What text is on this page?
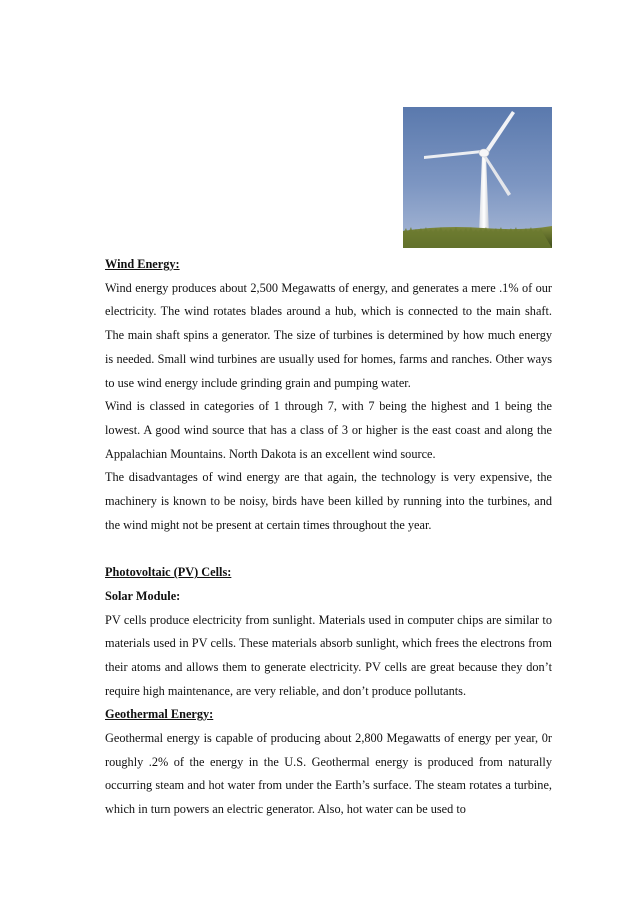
Wind Energy:

Wind energy produces about 2,500 Megawatts of energy, and generates a mere .1% of our electricity. The wind rotates blades around a hub, which is connected to the main shaft. The main shaft spins a generator. The size of turbines is determined by how much energy is needed. Small wind turbines are usually used for homes, farms and ranches. Other ways to use wind energy include grinding grain and pumping water.

Wind is classed in categories of 1 through 7, with 7 being the highest and 1 being the lowest. A good wind source that has a class of 3 or higher is the east coast and along the Appalachian Mountains. North Dakota is an excellent wind source.

The disadvantages of wind energy are that again, the technology is very expensive, the machinery is known to be noisy, birds have been killed by running into the turbines, and the wind might not be present at certain times throughout the year.

Photovoltaic (PV) Cells:

Solar Module:

PV cells produce electricity from sunlight. Materials used in computer chips are similar to materials used in PV cells. These materials absorb sunlight, which frees the electrons from their atoms and allows them to generate electricity. PV cells are great because they don’t require high maintenance, are very reliable, and don’t produce pollutants.

Geothermal Energy:

Geothermal energy is capable of producing about 2,800 Megawatts of energy per year, 0r roughly .2% of the energy in the U.S. Geothermal energy is produced from naturally occurring steam and hot water from under the Earth’s surface. The steam rotates a turbine, which in turn powers an electric generator. Also, hot water can be used to
